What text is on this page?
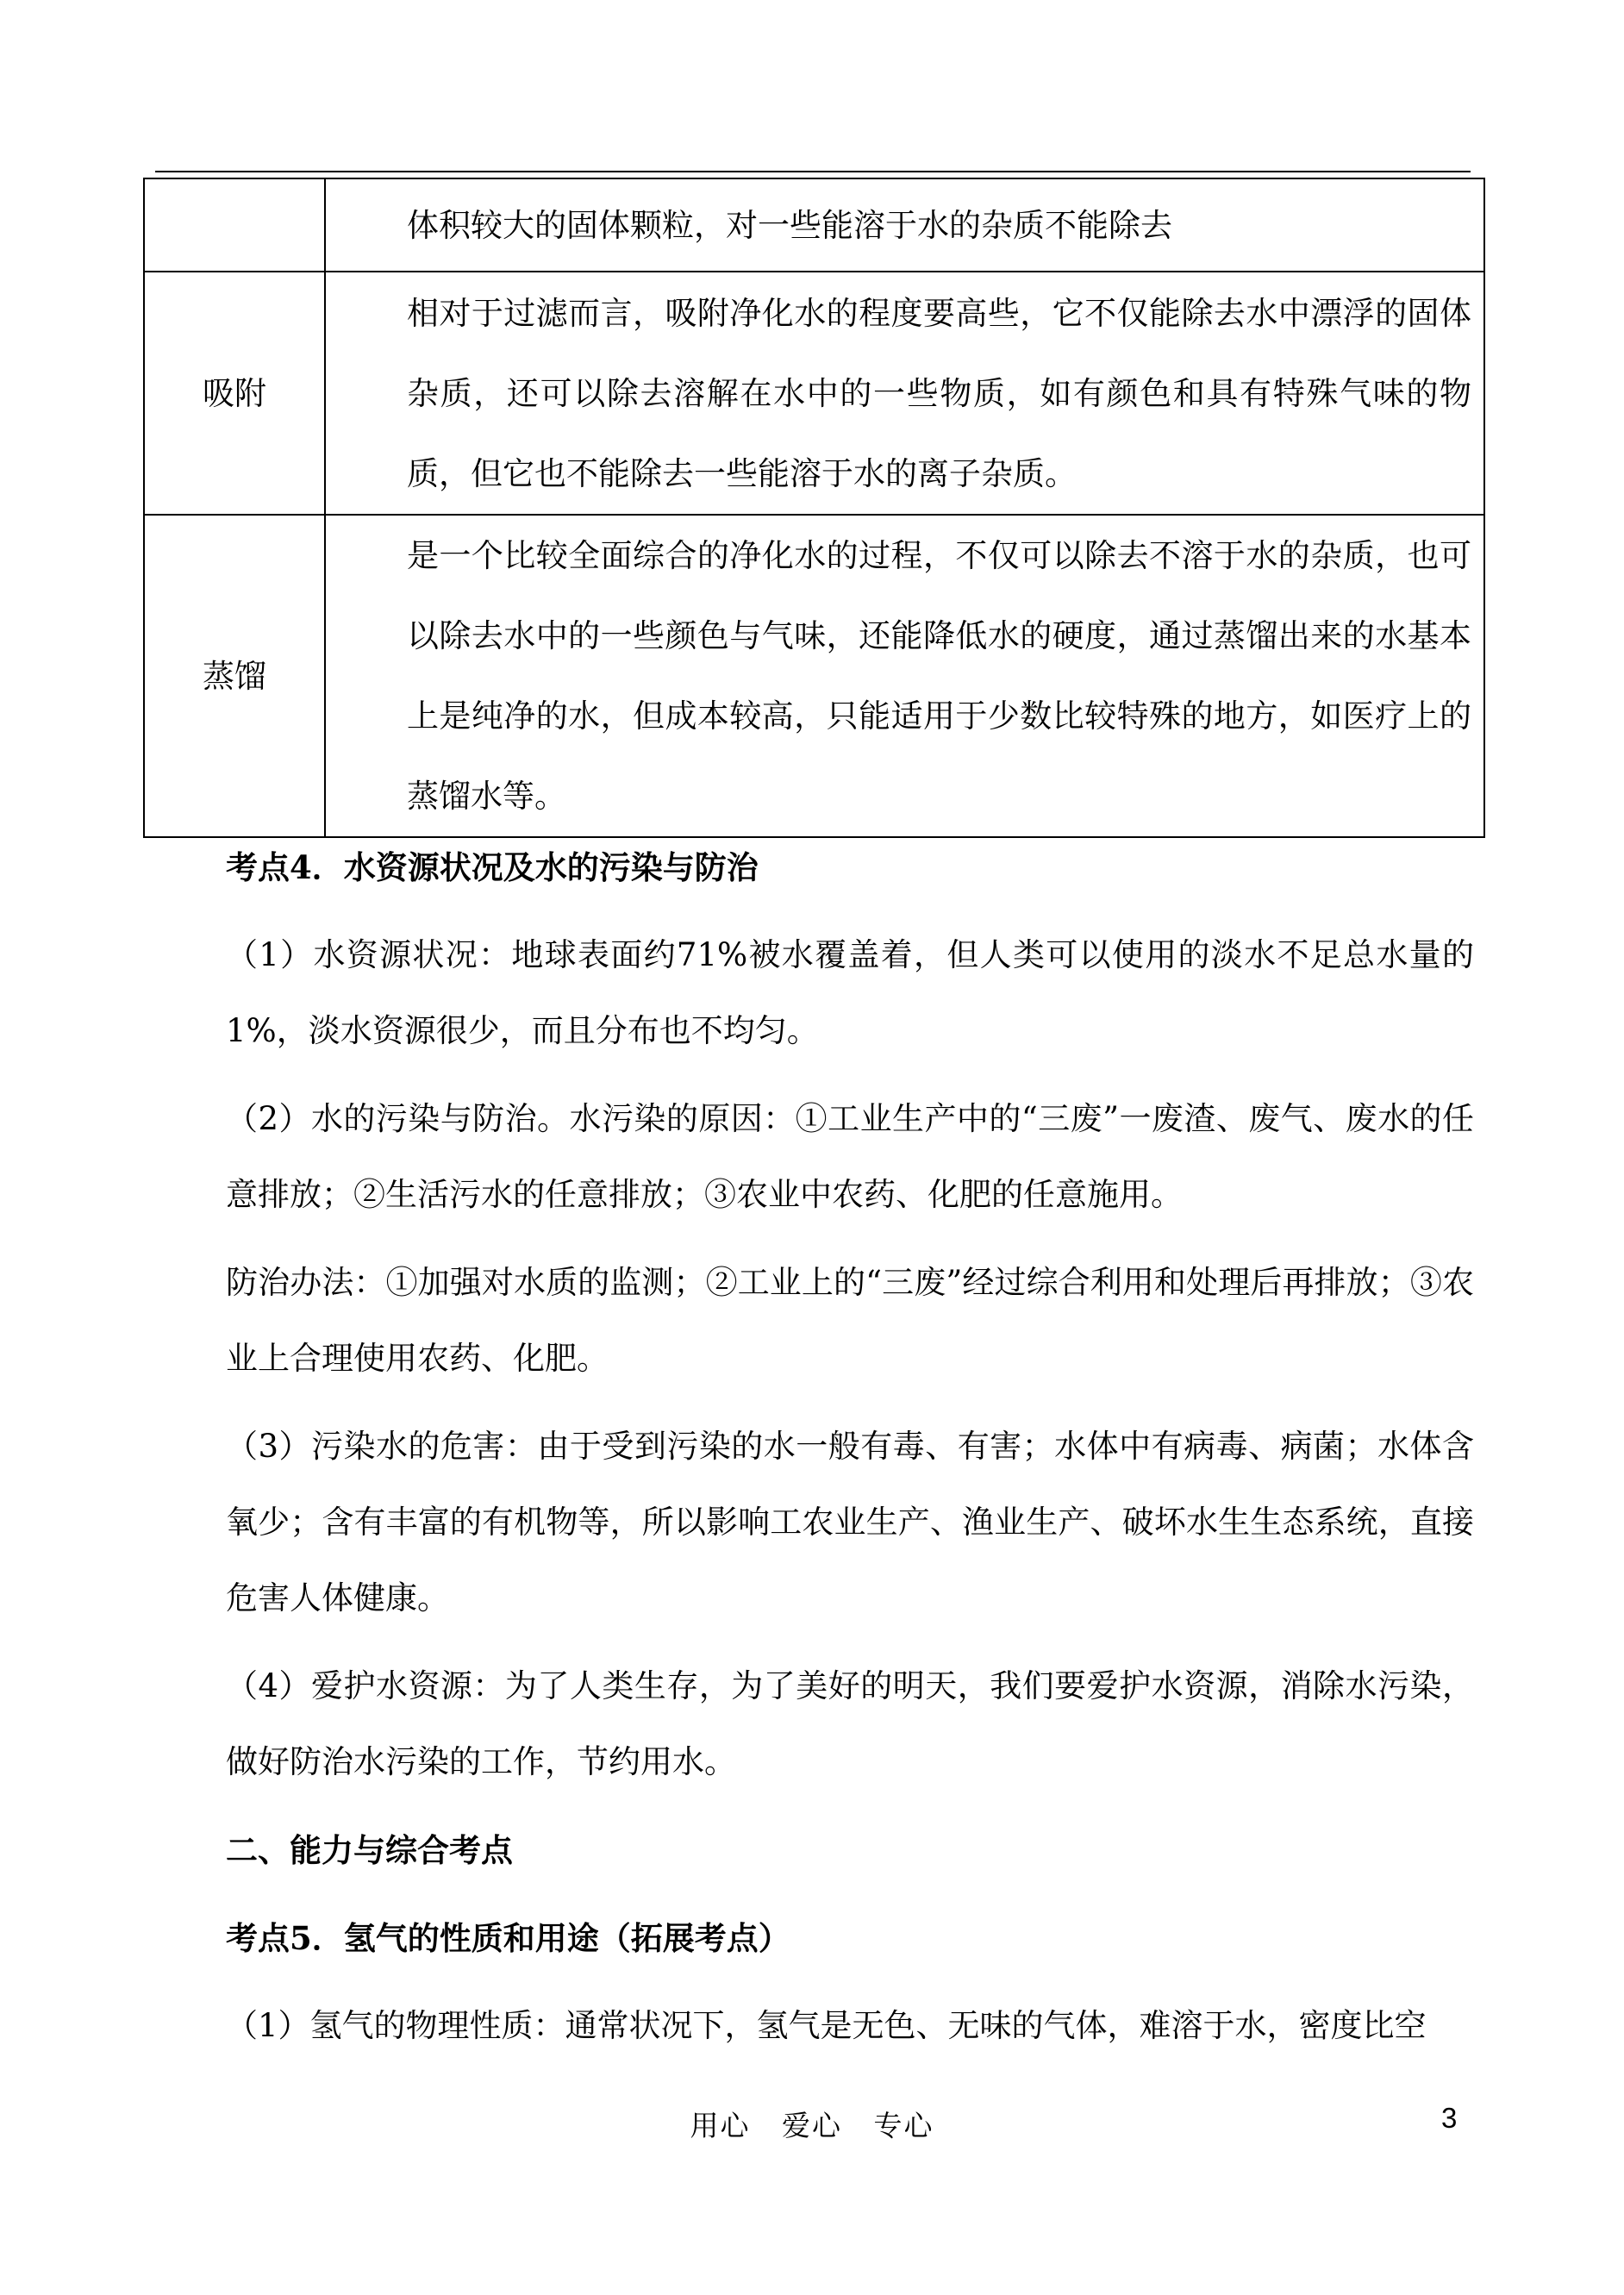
	体积较大的固体颗粒，对一些能溶于水的杂质不能除去
吸附	相对于过滤而言，吸附净化水的程度要高些，它不仅能除去水中漂浮的固体杂质，还可以除去溶解在水中的一些物质，如有颜色和具有特殊气味的物质，但它也不能除去一些能溶于水的离子杂质。
蒸馏	是一个比较全面综合的净化水的过程，不仅可以除去不溶于水的杂质，也可以除去水中的一些颜色与气味，还能降低水的硬度，通过蒸馏出来的水基本上是纯净的水，但成本较高，只能适用于少数比较特殊的地方，如医疗上的蒸馏水等。

考点4．水资源状况及水的污染与防治

（1）水资源状况：地球表面约71%被水覆盖着，但人类可以使用的淡水不足总水量的1%，淡水资源很少，而且分布也不均匀。

（2）水的污染与防治。水污染的原因：①工业生产中的“三废”一废渣、废气、废水的任意排放；②生活污水的任意排放；③农业中农药、化肥的任意施用。

防治办法：①加强对水质的监测；②工业上的“三废”经过综合利用和处理后再排放；③农业上合理使用农药、化肥。

（3）污染水的危害：由于受到污染的水一般有毒、有害；水体中有病毒、病菌；水体含氧少；含有丰富的有机物等，所以影响工农业生产、渔业生产、破坏水生生态系统，直接危害人体健康。

（4）爱护水资源：为了人类生存，为了美好的明天，我们要爱护水资源，消除水污染，做好防治水污染的工作，节约用水。

二、能力与综合考点

考点5．氢气的性质和用途（拓展考点）

（1）氢气的物理性质：通常状况下，氢气是无色、无味的气体，难溶于水，密度比空

用心 爱心 专心	3
